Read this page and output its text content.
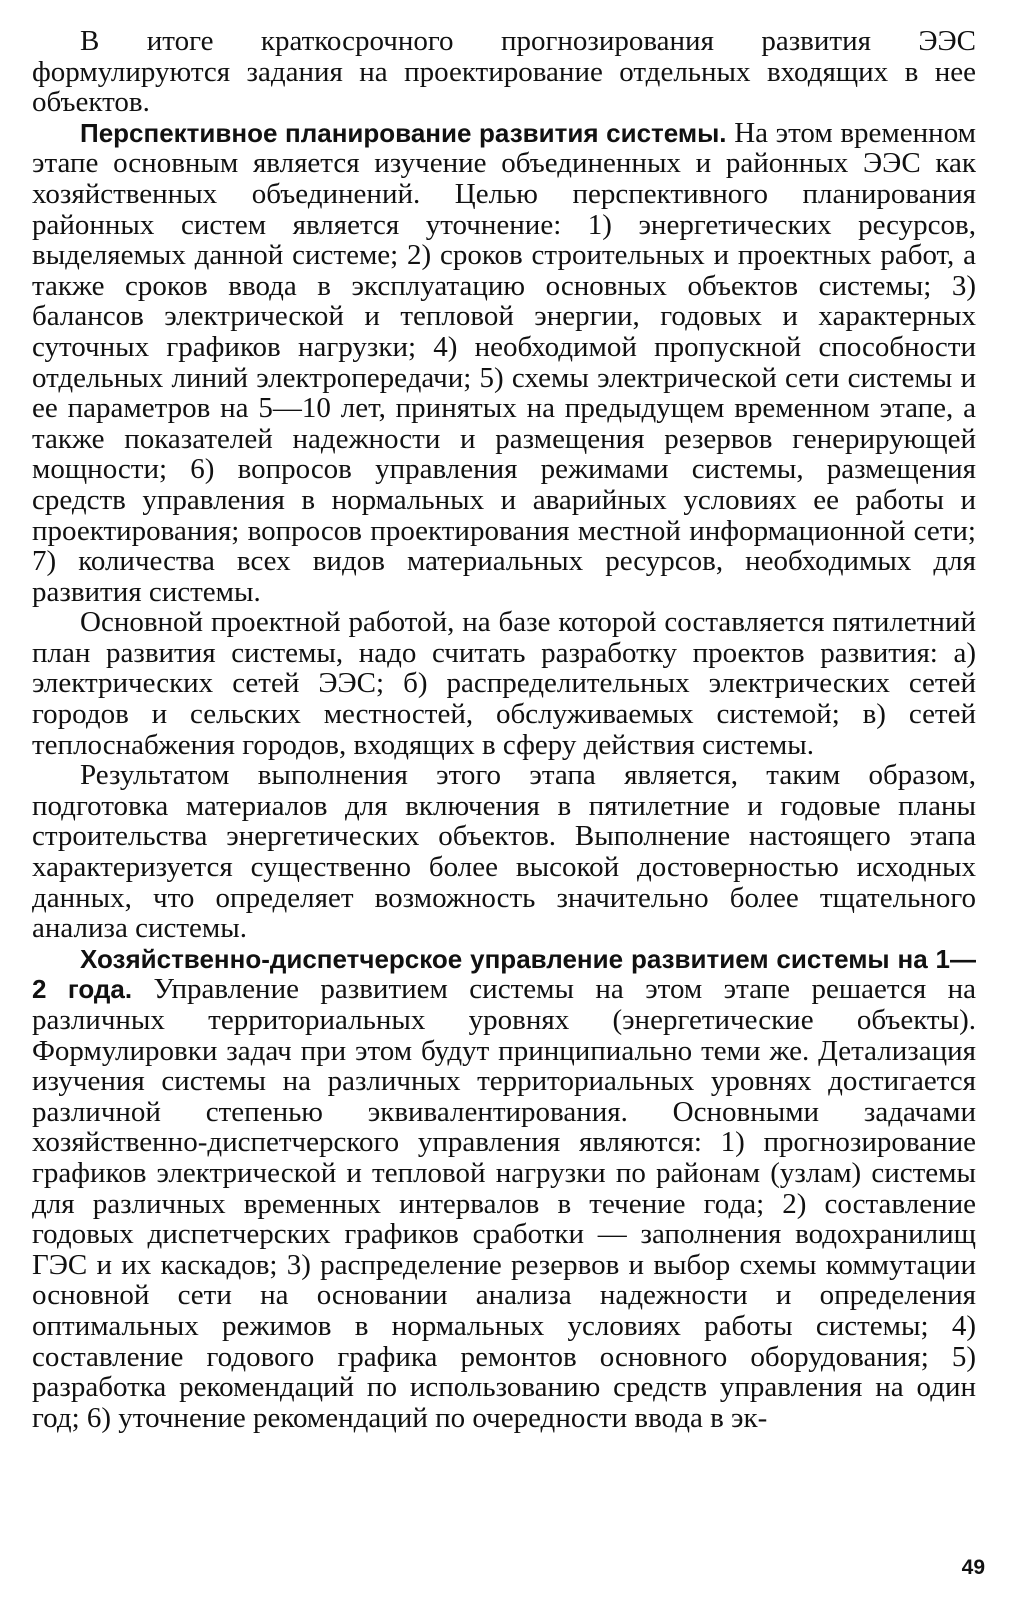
В итоге краткосрочного прогнозирования развития ЭЭС формулируются задания на проектирование отдельных входящих в нее объектов.

Перспективное планирование развития системы. На этом временном этапе основным является изучение объединенных и районных ЭЭС как хозяйственных объединений. Целью перспективного планирования районных систем является уточнение: 1) энергетических ресурсов, выделяемых данной системе; 2) сроков строительных и проектных работ, а также сроков ввода в эксплуатацию основных объектов системы; 3) балансов электрической и тепловой энергии, годовых и характерных суточных графиков нагрузки; 4) необходимой пропускной способности отдельных линий электропередачи; 5) схемы электрической сети системы и ее параметров на 5—10 лет, принятых на предыдущем временном этапе, а также показателей надежности и размещения резервов генерирующей мощности; 6) вопросов управления режимами системы, размещения средств управления в нормальных и аварийных условиях ее работы и проектирования; вопросов проектирования местной информационной сети; 7) количества всех видов материальных ресурсов, необходимых для развития системы.

Основной проектной работой, на базе которой составляется пятилетний план развития системы, надо считать разработку проектов развития: а) электрических сетей ЭЭС; б) распределительных электрических сетей городов и сельских местностей, обслуживаемых системой; в) сетей теплоснабжения городов, входящих в сферу действия системы.

Результатом выполнения этого этапа является, таким образом, подготовка материалов для включения в пятилетние и годовые планы строительства энергетических объектов. Выполнение настоящего этапа характеризуется существенно более высокой достоверностью исходных данных, что определяет возможность значительно более тщательного анализа системы.

Хозяйственно-диспетчерское управление развитием системы на 1—2 года. Управление развитием системы на этом этапе решается на различных территориальных уровнях (энергетические объекты). Формулировки задач при этом будут принципиально теми же. Детализация изучения системы на различных территориальных уровнях достигается различной степенью эквивалентирования. Основными задачами хозяйственно-диспетчерского управления являются: 1) прогнозирование графиков электрической и тепловой нагрузки по районам (узлам) системы для различных временных интервалов в течение года; 2) составление годовых диспетчерских графиков сработки — заполнения водохранилищ ГЭС и их каскадов; 3) распределение резервов и выбор схемы коммутации основной сети на основании анализа надежности и определения оптимальных режимов в нормальных условиях работы системы; 4) составление годового графика ремонтов основного оборудования; 5) разработка рекомендаций по использованию средств управления на один год; 6) уточнение рекомендаций по очередности ввода в эк-

49
